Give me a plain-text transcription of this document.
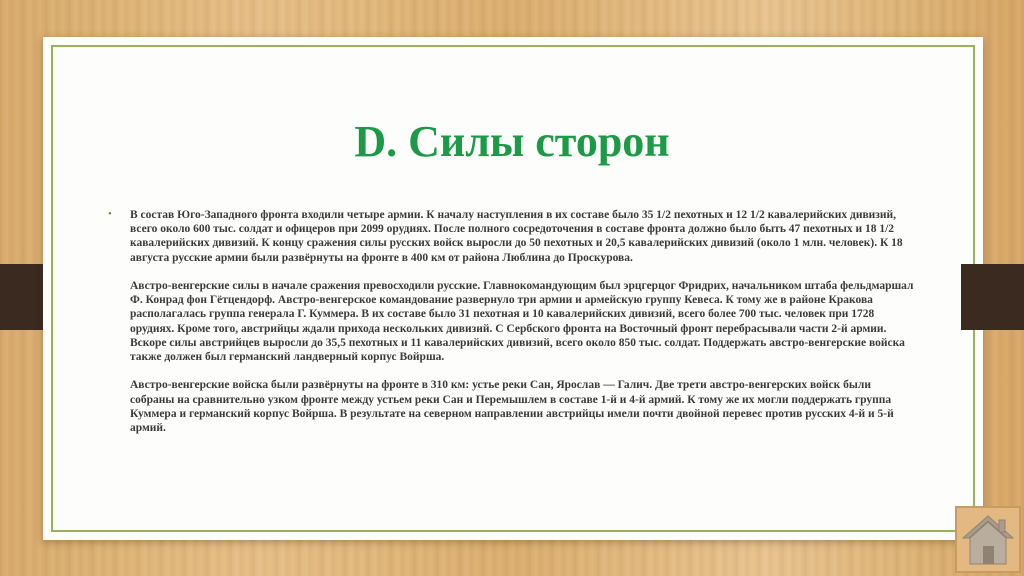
D. Силы сторон
• В состав Юго-Западного фронта входили четыре армии. К началу наступления в их составе было 35 1/2 пехотных и 12 1/2 кавалерийских дивизий, всего около 600 тыс. солдат и офицеров при 2099 орудиях. После полного сосредоточения в составе фронта должно было быть 47 пехотных и 18 1/2 кавалерийских дивизий. К концу сражения силы русских войск выросли до 50 пехотных и 20,5 кавалерийских дивизий (около 1 млн. человек). К 18 августа русские армии были развёрнуты на фронте в 400 км от района Люблина до Проскурова.

Австро-венгерские силы в начале сражения превосходили русские. Главнокомандующим был эрцгерцог Фридрих, начальником штаба фельдмаршал Ф. Конрад фон Гётцендорф. Австро-венгерское командование развернуло три армии и армейскую группу Кевеса. К тому же в районе Кракова располагалась группа генерала Г. Куммера. В их составе было 31 пехотная и 10 кавалерийских дивизий, всего более 700 тыс. человек при 1728 орудиях. Кроме того, австрийцы ждали прихода нескольких дивизий. С Сербского фронта на Восточный фронт перебрасывали части 2-й армии. Вскоре силы австрийцев выросли до 35,5 пехотных и 11 кавалерийских дивизий, всего около 850 тыс. солдат. Поддержать австро-венгерские войска также должен был германский ландверный корпус Войрша.

Австро-венгерские войска были развёрнуты на фронте в 310 км: устье реки Сан, Ярослав — Галич. Две трети австро-венгерских войск были собраны на сравнительно узком фронте между устьем реки Сан и Перемышлем в составе 1-й и 4-й армий. К тому же их могли поддержать группа Куммера и германский корпус Войрша. В результате на северном направлении австрийцы имели почти двойной перевес против русских 4-й и 5-й армий.
